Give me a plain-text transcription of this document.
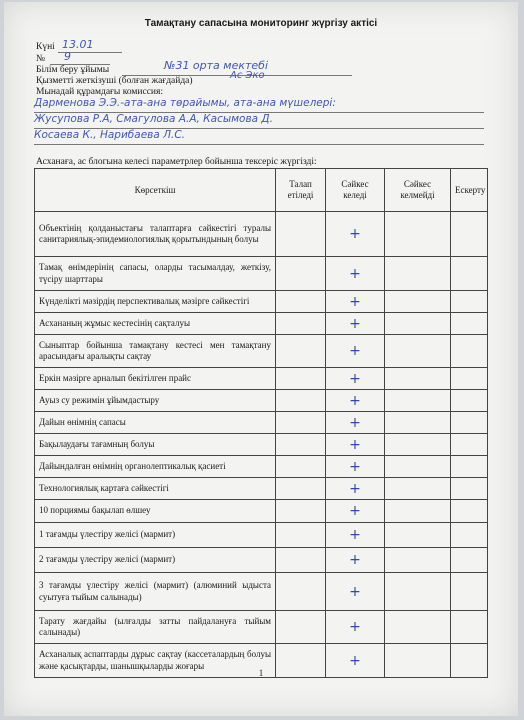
Тамақтану сапасына мониторинг жүргізу актісі
Күні 13.01
№ 9
Білім беру ұйымы	№31 орта мектебі
Қызметті жеткізуші (болған жағдайда)	Ас Эко
Мынадай құрамдағы комиссия:
Дарменова Э.Э.-ата-ана төрайымы, ата-ана мүшелері:
Жусупова Р.А, Смагулова А.А, Касымова Д.
Косаева К., Нарибаева Л.С.
Асханаға, ас блогына келесі параметрлер бойынша тексеріс жүргізді:
Көрсеткіш	Талап етіледі	Сәйкес келеді	Сәйкес келмейді	Ескерту
Объектінің қолданыстағы талаптарға сәйкестігі туралы санитариялық-эпидемиологиялық қорытындының болуы		+		
Тамақ өнімдерінің сапасы, оларды тасымалдау, жеткізу, түсіру шарттары		+		
Күнделікті мәзірдің перспективалық мәзірге сәйкестігі		+		
Асхананың жұмыс кестесінің сақталуы		+		
Сыныптар бойынша тамақтану кестесі мен тамақтану арасындағы аралықты сақтау		+		
Еркін мәзірге арналып бекітілген прайс		+		
Ауыз су режимін ұйымдастыру		+		
Дайын өнімнің сапасы		+		
Бақылаудағы тағамның болуы		+		
Дайындалған өнімнің органолептикалық қасиеті		+		
Технологиялық картаға сәйкестігі		+		
10 порциямы бақылап өлшеу		+		
1 тағамды үлестіру желісі (мармит)		+		
2 тағамды үлестіру желісі (мармит)		+		
3 тағамды үлестіру желісі (мармит) (алюминий ыдыста суытуға тыйым салынады)		+		
Тарату жағдайы (ылғалды затты пайдалануға тыйым салынады)		+		
Асханалық аспаптарды дұрыс сақтау (кассеталардың болуы және қасықтарды, шанышқыларды жоғары		+		
1
